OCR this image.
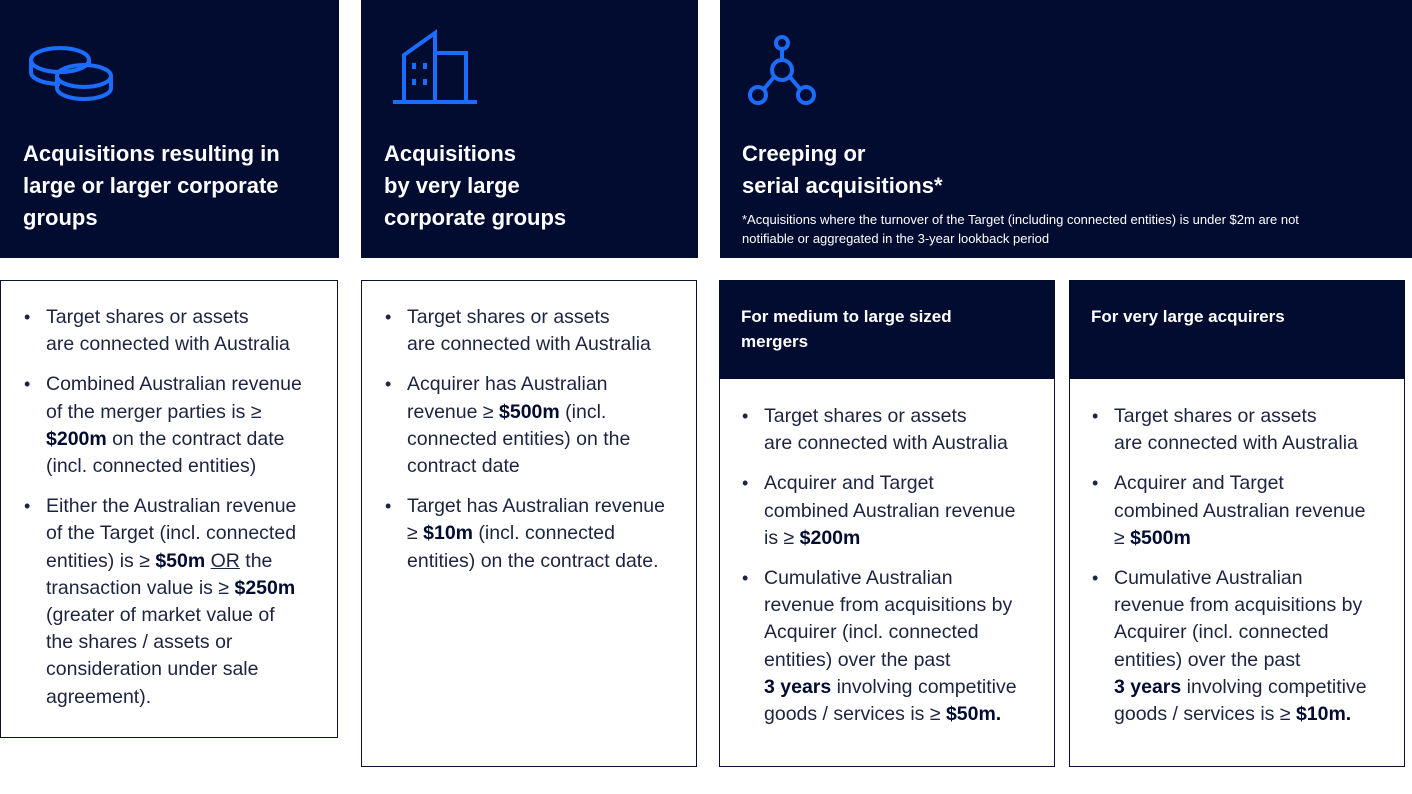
Acquisitions resulting in
large or larger corporate
groups
Acquisitions
by very large
corporate groups
Creeping or
serial acquisitions*
*Acquisitions where the turnover of the Target (including connected entities) is under $2m are not
notifiable or aggregated in the 3-year lookback period
• Target shares or assets
are connected with Australia
• Combined Australian revenue
of the merger parties is ≥
$200m on the contract date
(incl. connected entities)
• Either the Australian revenue
of the Target (incl. connected
entities) is ≥ $50m OR the
transaction value is ≥ $250m
(greater of market value of
the shares / assets or
consideration under sale
agreement).
• Target shares or assets
are connected with Australia
• Acquirer has Australian
revenue ≥ $500m (incl.
connected entities) on the
contract date
• Target has Australian revenue
≥ $10m (incl. connected
entities) on the contract date.
For medium to large sized
mergers
• Target shares or assets
are connected with Australia
• Acquirer and Target
combined Australian revenue
is ≥ $200m
• Cumulative Australian
revenue from acquisitions by
Acquirer (incl. connected
entities) over the past
3 years involving competitive
goods / services is ≥ $50m.
For very large acquirers
• Target shares or assets
are connected with Australia
• Acquirer and Target
combined Australian revenue
≥ $500m
• Cumulative Australian
revenue from acquisitions by
Acquirer (incl. connected
entities) over the past
3 years involving competitive
goods / services is ≥ $10m.
